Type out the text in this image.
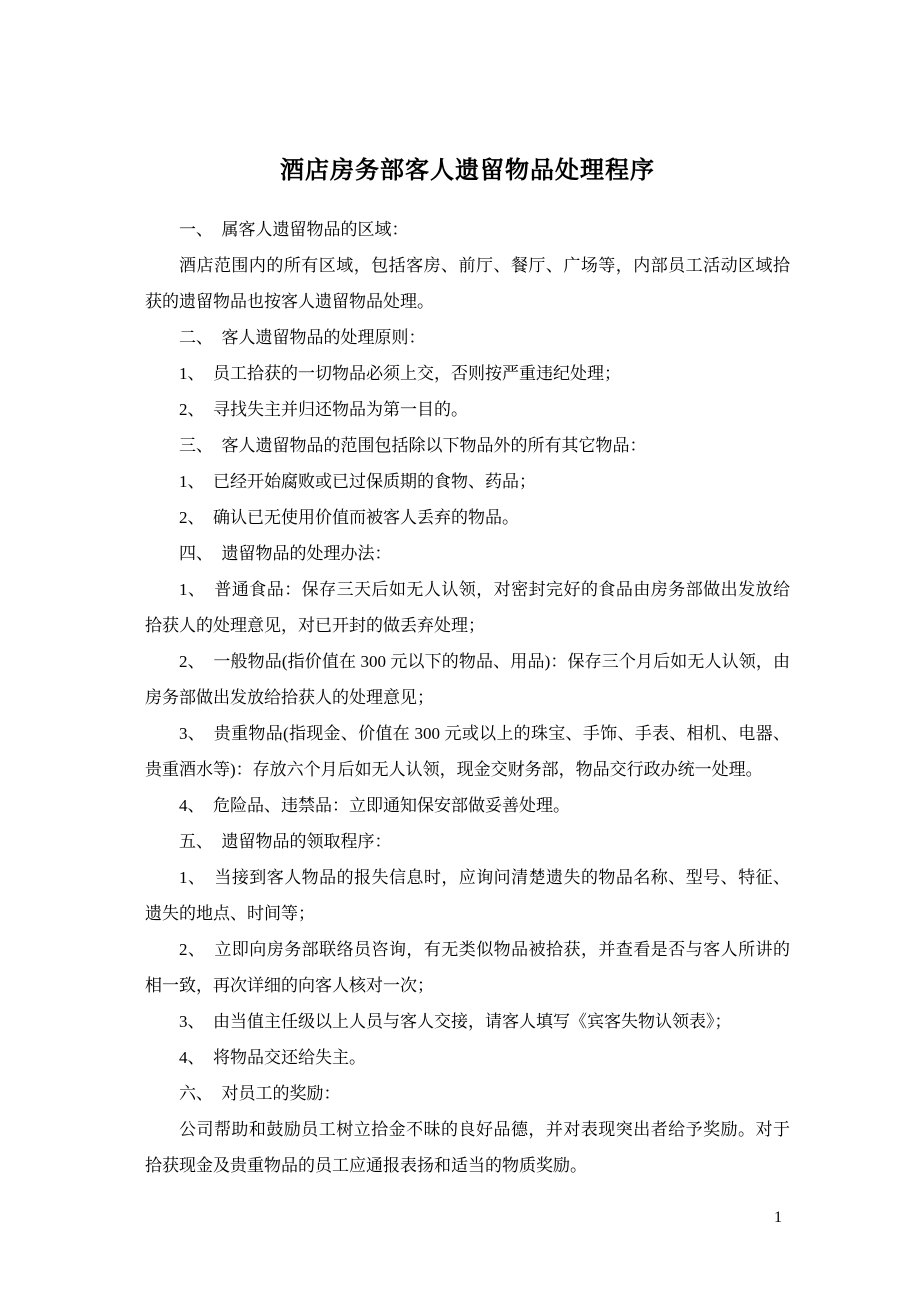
酒店房务部客人遗留物品处理程序

一、　属客人遗留物品的区域：

酒店范围内的所有区域，包括客房、前厅、餐厅、广场等，内部员工活动区域拾获的遗留物品也按客人遗留物品处理。

二、　客人遗留物品的处理原则：

1、　员工拾获的一切物品必须上交，否则按严重违纪处理；

2、　寻找失主并归还物品为第一目的。

三、　客人遗留物品的范围包括除以下物品外的所有其它物品：

1、　已经开始腐败或已过保质期的食物、药品；

2、　确认已无使用价值而被客人丢弃的物品。

四、　遗留物品的处理办法：

1、　普通食品：保存三天后如无人认领，对密封完好的食品由房务部做出发放给拾获人的处理意见，对已开封的做丢弃处理；

2、　一般物品(指价值在 300 元以下的物品、用品)：保存三个月后如无人认领，由房务部做出发放给拾获人的处理意见；

3、　贵重物品(指现金、价值在 300 元或以上的珠宝、手饰、手表、相机、电器、贵重酒水等)：存放六个月后如无人认领，现金交财务部，物品交行政办统一处理。

4、　危险品、违禁品：立即通知保安部做妥善处理。

五、　遗留物品的领取程序：

1、　当接到客人物品的报失信息时，应询问清楚遗失的物品名称、型号、特征、遗失的地点、时间等；

2、　立即向房务部联络员咨询，有无类似物品被拾获，并查看是否与客人所讲的相一致，再次详细的向客人核对一次；

3、　由当值主任级以上人员与客人交接，请客人填写《宾客失物认领表》；

4、　将物品交还给失主。

六、　对员工的奖励：

公司帮助和鼓励员工树立拾金不昧的良好品德，并对表现突出者给予奖励。对于拾获现金及贵重物品的员工应通报表扬和适当的物质奖励。

1
